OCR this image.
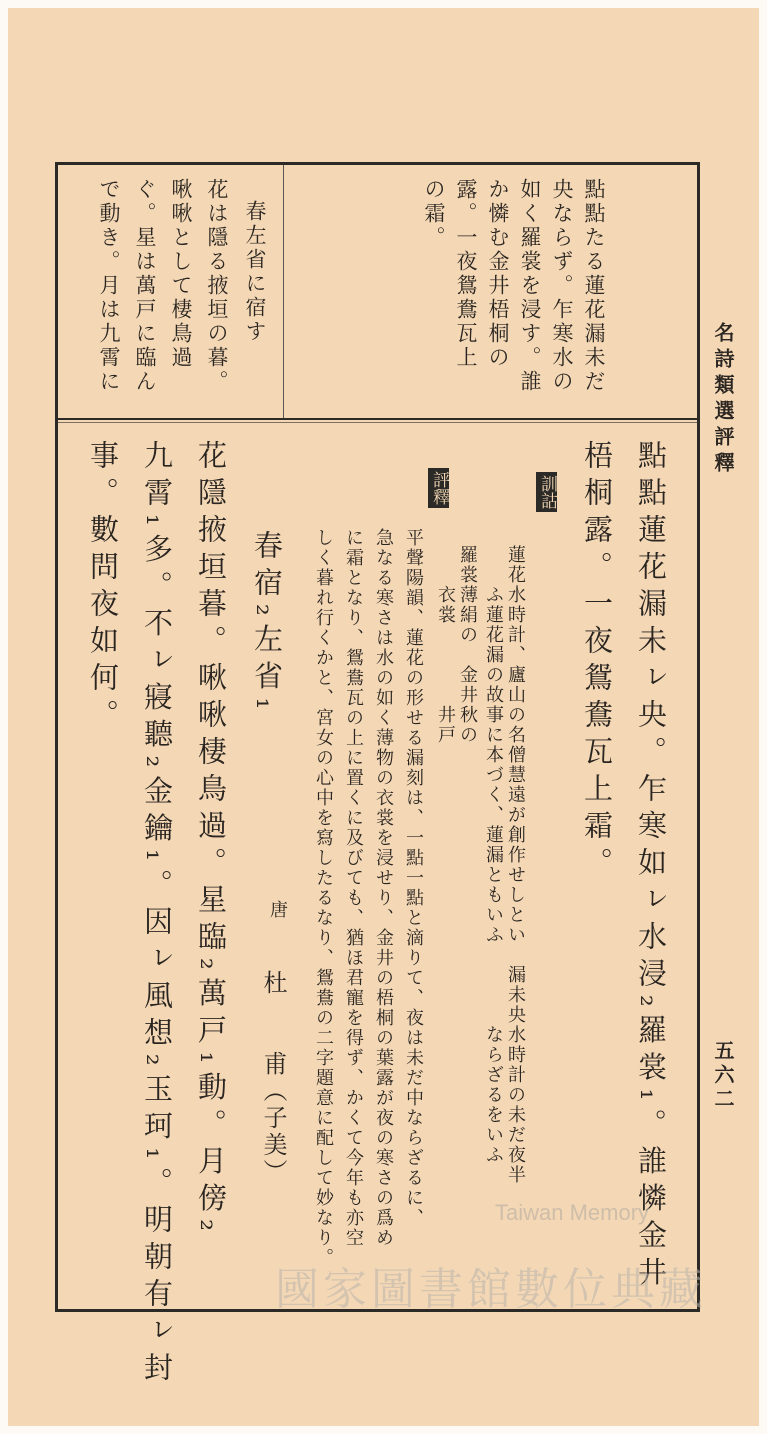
名詩類選評釋
五六二
點點たる蓮花漏未だ
央ならず。乍寒水の
如く羅裳を浸す。誰
か憐む金井梧桐の
露。一夜鴛鴦瓦上
の霜。
春左省に宿す
花は隱る掖垣の暮。
啾啾として棲鳥過
ぐ。星は萬戸に臨ん
で動き。月は九霄に
點點蓮花漏未ㇾ央。乍寒如ㇾ水浸₂羅裳₁。誰憐金井
梧桐露。一夜鴛鴦瓦上霜。
訓詁
蓮花水時計、廬山の名僧慧遠が創作せしとい　漏未央水時計の未だ夜半
　　ふ蓮花漏の故事に本づく、蓮漏ともいふ　　　　ならざるをいふ
羅裳薄絹の　金井秋の
　　衣裳　　　　井戸
評釋
平聲陽韻、蓮花の形せる漏刻は、一點一點と滴りて、夜は未だ中ならざるに、
急なる寒さは水の如く薄物の衣裳を浸せり、金井の梧桐の葉露が夜の寒さの爲め
に霜となり、鴛鴦瓦の上に置くに及びても、猶ほ君寵を得ず、かくて今年も亦空
しく暮れ行くかと、宮女の心中を寫したるなり、鴛鴦の二字題意に配して妙なり。
春宿₂左省₁
唐
杜　　甫（子美）
花隱掖垣暮。啾啾棲鳥過。星臨₂萬戸₁動。月傍₂
九霄₁多。不ㇾ寢聽₂金鑰₁。因ㇾ風想₂玉珂₁。明朝有ㇾ封
事。數問夜如何。
國家圖書館數位典藏
Taiwan Memory
